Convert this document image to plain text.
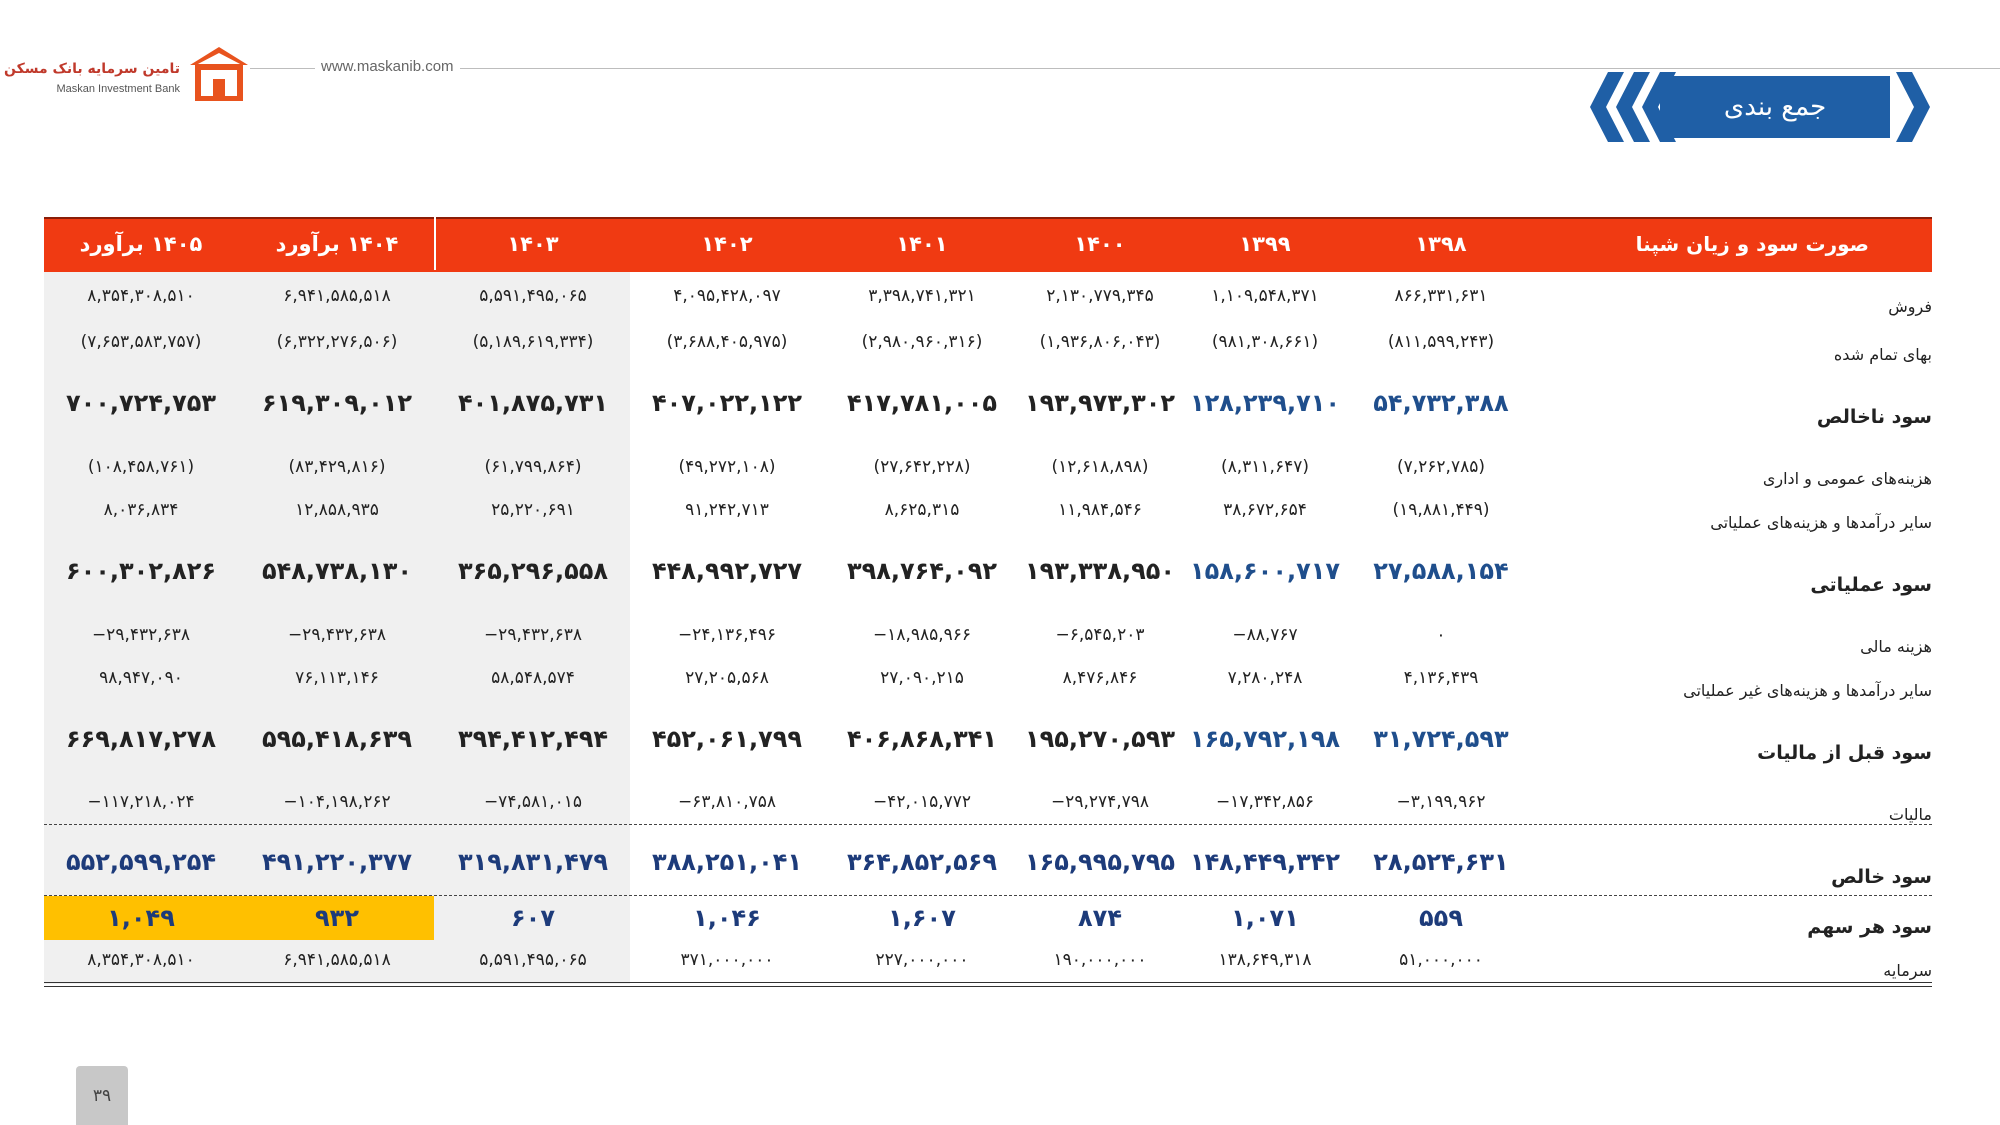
www.maskanib.com
تامین سرمایه بانک مسکن
Maskan Investment Bank
جمع بندی
۱۳۹۸
۱۳۹۹
۱۴۰۰
۱۴۰۱
۱۴۰۲
۱۴۰۳
۱۴۰۴ برآورد
۱۴۰۵ برآورد	صورت سود و زیان شپنا
فروش
۸۶۶,۳۳۱,۶۳۱
۱,۱۰۹,۵۴۸,۳۷۱
۲,۱۳۰,۷۷۹,۳۴۵
۳,۳۹۸,۷۴۱,۳۲۱
۴,۰۹۵,۴۲۸,۰۹۷
۵,۵۹۱,۴۹۵,۰۶۵
۶,۹۴۱,۵۸۵,۵۱۸
۸,۳۵۴,۳۰۸,۵۱۰
بهای تمام شده
(۸۱۱,۵۹۹,۲۴۳)
(۹۸۱,۳۰۸,۶۶۱)
(۱,۹۳۶,۸۰۶,۰۴۳)
(۲,۹۸۰,۹۶۰,۳۱۶)
(۳,۶۸۸,۴۰۵,۹۷۵)
(۵,۱۸۹,۶۱۹,۳۳۴)
(۶,۳۲۲,۲۷۶,۵۰۶)
(۷,۶۵۳,۵۸۳,۷۵۷)
سود ناخالص
۵۴,۷۳۲,۳۸۸
۱۲۸,۲۳۹,۷۱۰
۱۹۳,۹۷۳,۳۰۲
۴۱۷,۷۸۱,۰۰۵
۴۰۷,۰۲۲,۱۲۲
۴۰۱,۸۷۵,۷۳۱
۶۱۹,۳۰۹,۰۱۲
۷۰۰,۷۲۴,۷۵۳
هزینه‌های عمومی و اداری
(۷,۲۶۲,۷۸۵)
(۸,۳۱۱,۶۴۷)
(۱۲,۶۱۸,۸۹۸)
(۲۷,۶۴۲,۲۲۸)
(۴۹,۲۷۲,۱۰۸)
(۶۱,۷۹۹,۸۶۴)
(۸۳,۴۲۹,۸۱۶)
(۱۰۸,۴۵۸,۷۶۱)
سایر درآمدها و هزینه‌های عملیاتی
(۱۹,۸۸۱,۴۴۹)
۳۸,۶۷۲,۶۵۴
۱۱,۹۸۴,۵۴۶
۸,۶۲۵,۳۱۵
۹۱,۲۴۲,۷۱۳
۲۵,۲۲۰,۶۹۱
۱۲,۸۵۸,۹۳۵
۸,۰۳۶,۸۳۴
سود عملیاتی
۲۷,۵۸۸,۱۵۴
۱۵۸,۶۰۰,۷۱۷
۱۹۳,۳۳۸,۹۵۰
۳۹۸,۷۶۴,۰۹۲
۴۴۸,۹۹۲,۷۲۷
۳۶۵,۲۹۶,۵۵۸
۵۴۸,۷۳۸,۱۳۰
۶۰۰,۳۰۲,۸۲۶
هزینه مالی
۰
−۸۸,۷۶۷
−۶,۵۴۵,۲۰۳
−۱۸,۹۸۵,۹۶۶
−۲۴,۱۳۶,۴۹۶
−۲۹,۴۳۲,۶۳۸
−۲۹,۴۳۲,۶۳۸
−۲۹,۴۳۲,۶۳۸
سایر درآمدها و هزینه‌های غیر عملیاتی
۴,۱۳۶,۴۳۹
۷,۲۸۰,۲۴۸
۸,۴۷۶,۸۴۶
۲۷,۰۹۰,۲۱۵
۲۷,۲۰۵,۵۶۸
۵۸,۵۴۸,۵۷۴
۷۶,۱۱۳,۱۴۶
۹۸,۹۴۷,۰۹۰
سود قبل از مالیات
۳۱,۷۲۴,۵۹۳
۱۶۵,۷۹۲,۱۹۸
۱۹۵,۲۷۰,۵۹۳
۴۰۶,۸۶۸,۳۴۱
۴۵۲,۰۶۱,۷۹۹
۳۹۴,۴۱۲,۴۹۴
۵۹۵,۴۱۸,۶۳۹
۶۶۹,۸۱۷,۲۷۸
مالیات
−۳,۱۹۹,۹۶۲
−۱۷,۳۴۲,۸۵۶
−۲۹,۲۷۴,۷۹۸
−۴۲,۰۱۵,۷۷۲
−۶۳,۸۱۰,۷۵۸
−۷۴,۵۸۱,۰۱۵
−۱۰۴,۱۹۸,۲۶۲
−۱۱۷,۲۱۸,۰۲۴
سود خالص
۲۸,۵۲۴,۶۳۱
۱۴۸,۴۴۹,۳۴۲
۱۶۵,۹۹۵,۷۹۵
۳۶۴,۸۵۲,۵۶۹
۳۸۸,۲۵۱,۰۴۱
۳۱۹,۸۳۱,۴۷۹
۴۹۱,۲۲۰,۳۷۷
۵۵۲,۵۹۹,۲۵۴
سود هر سهم
۵۵۹
۱,۰۷۱
۸۷۴
۱,۶۰۷
۱,۰۴۶
۶۰۷
۹۳۲
۱,۰۴۹
سرمایه
۵۱,۰۰۰,۰۰۰
۱۳۸,۶۴۹,۳۱۸
۱۹۰,۰۰۰,۰۰۰
۲۲۷,۰۰۰,۰۰۰
۳۷۱,۰۰۰,۰۰۰
۵,۵۹۱,۴۹۵,۰۶۵
۶,۹۴۱,۵۸۵,۵۱۸
۸,۳۵۴,۳۰۸,۵۱۰
۳۹
